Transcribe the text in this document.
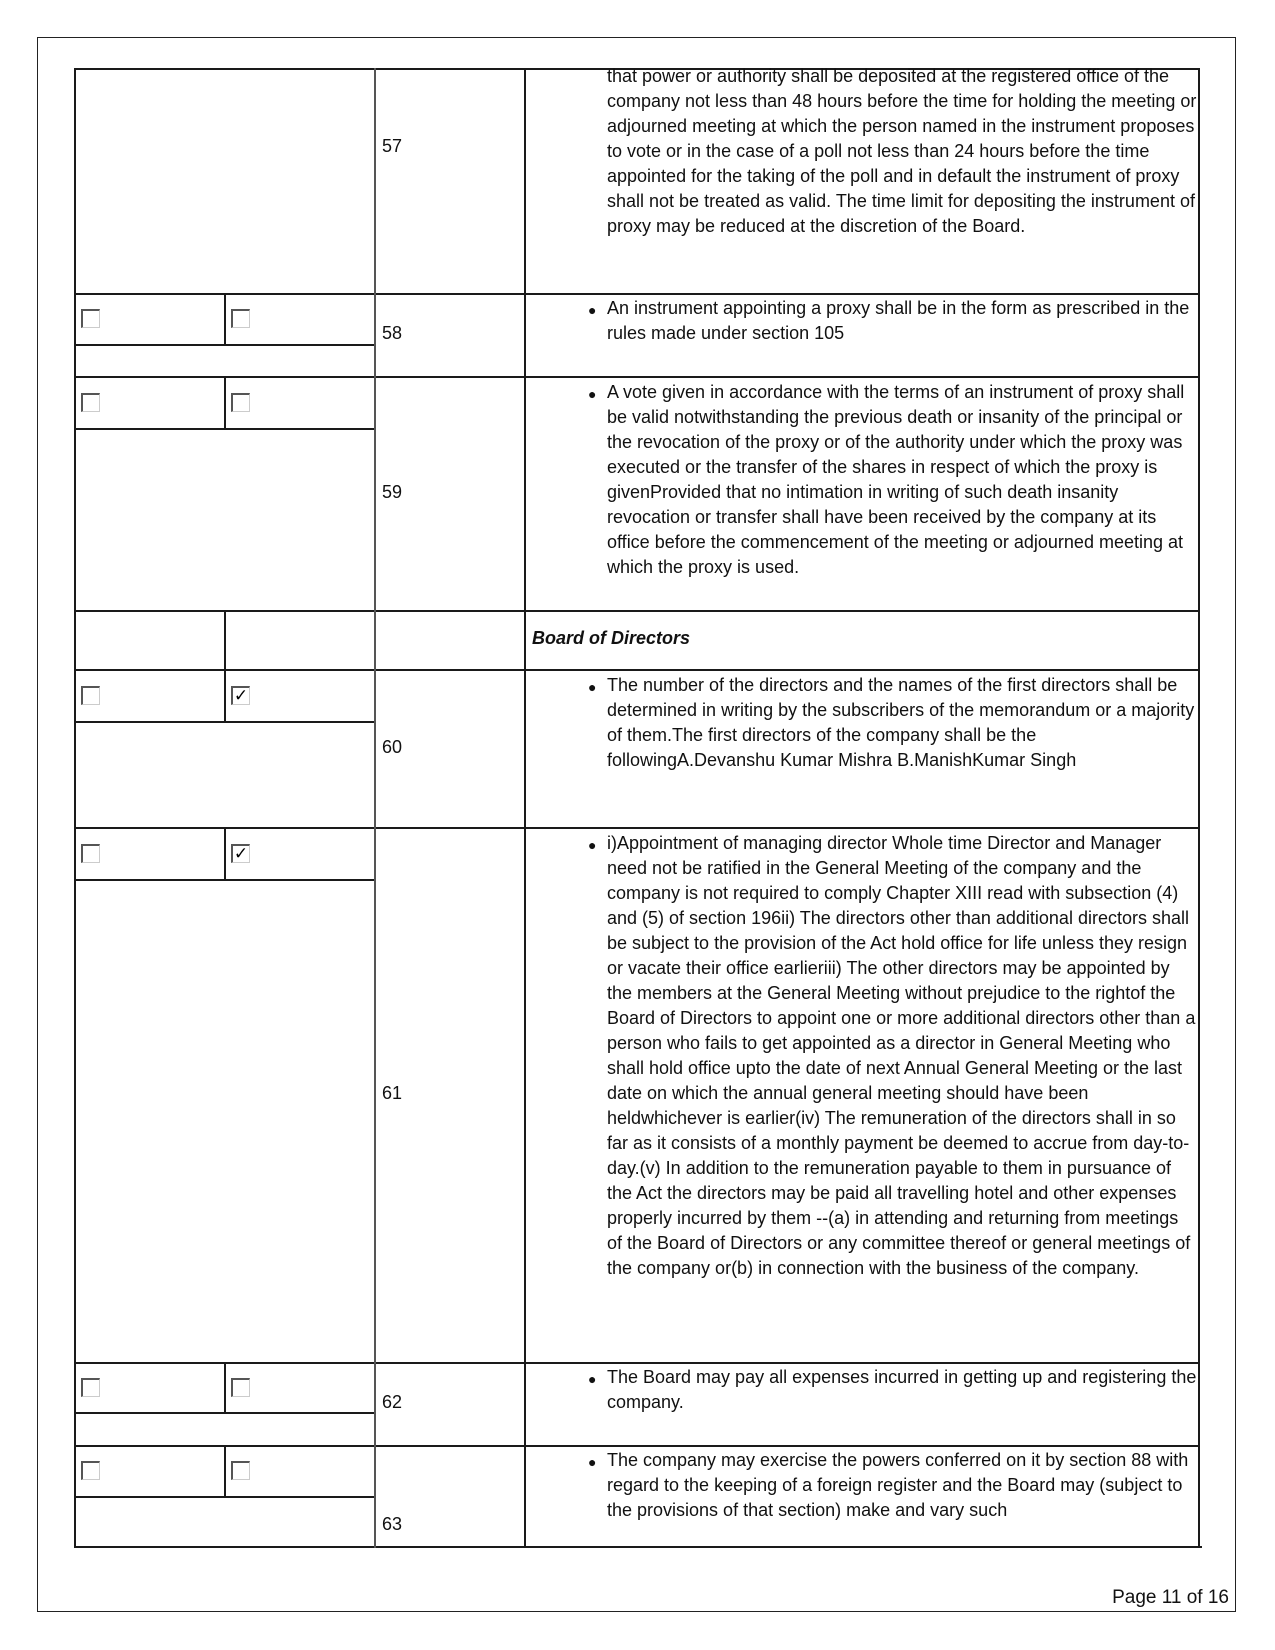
57
that power or authority shall be deposited at the registered office of the company not less than 48 hours before the time for holding the meeting or adjourned meeting at which the person named in the instrument proposes to vote or in the case of a poll not less than 24 hours before the time appointed for the taking of the poll and in default the instrument of proxy shall not be treated as valid. The time limit for depositing the instrument of proxy may be reduced at the discretion of the Board.
58
● An instrument appointing a proxy shall be in the form as prescribed in the rules made under section 105
59
● A vote given in accordance with the terms of an instrument of proxy shall be valid notwithstanding the previous death or insanity of the principal or the revocation of the proxy or of the authority under which the proxy was executed or the transfer of the shares in respect of which the proxy is givenProvided that no intimation in writing of such death insanity revocation or transfer shall have been received by the company at its office before the commencement of the meeting or adjourned meeting at which the proxy is used.
Board of Directors
✓
60
● The number of the directors and the names of the first directors shall be determined in writing by the subscribers of the memorandum or a majority of them.The first directors of the company shall be the followingA.Devanshu Kumar Mishra B.ManishKumar Singh
✓
61
● i)Appointment of managing director Whole time Director and Manager need not be ratified in the General Meeting of the company and the company is not required to comply Chapter XIII read with subsection (4) and (5) of section 196ii) The directors other than additional directors shall be subject to the provision of the Act hold office for life unless they resign or vacate their office earlieriii) The other directors may be appointed by the members at the General Meeting without prejudice to the rightof the Board of Directors to appoint one or more additional directors other than a person who fails to get appointed as a director in General Meeting who shall hold office upto the date of next Annual General Meeting or the last date on which the annual general meeting should have been heldwhichever is earlier(iv) The remuneration of the directors shall in so far as it consists of a monthly payment be deemed to accrue from day-to-day.(v) In addition to the remuneration payable to them in pursuance of the Act the directors may be paid all travelling hotel and other expenses properly incurred by them --(a) in attending and returning from meetings of the Board of Directors or any committee thereof or general meetings of the company or(b) in connection with the business of the company.
62
● The Board may pay all expenses incurred in getting up and registering the company.
63
● The company may exercise the powers conferred on it by section 88 with regard to the keeping of a foreign register and the Board may (subject to the provisions of that section) make and vary such
Page 11 of 16
